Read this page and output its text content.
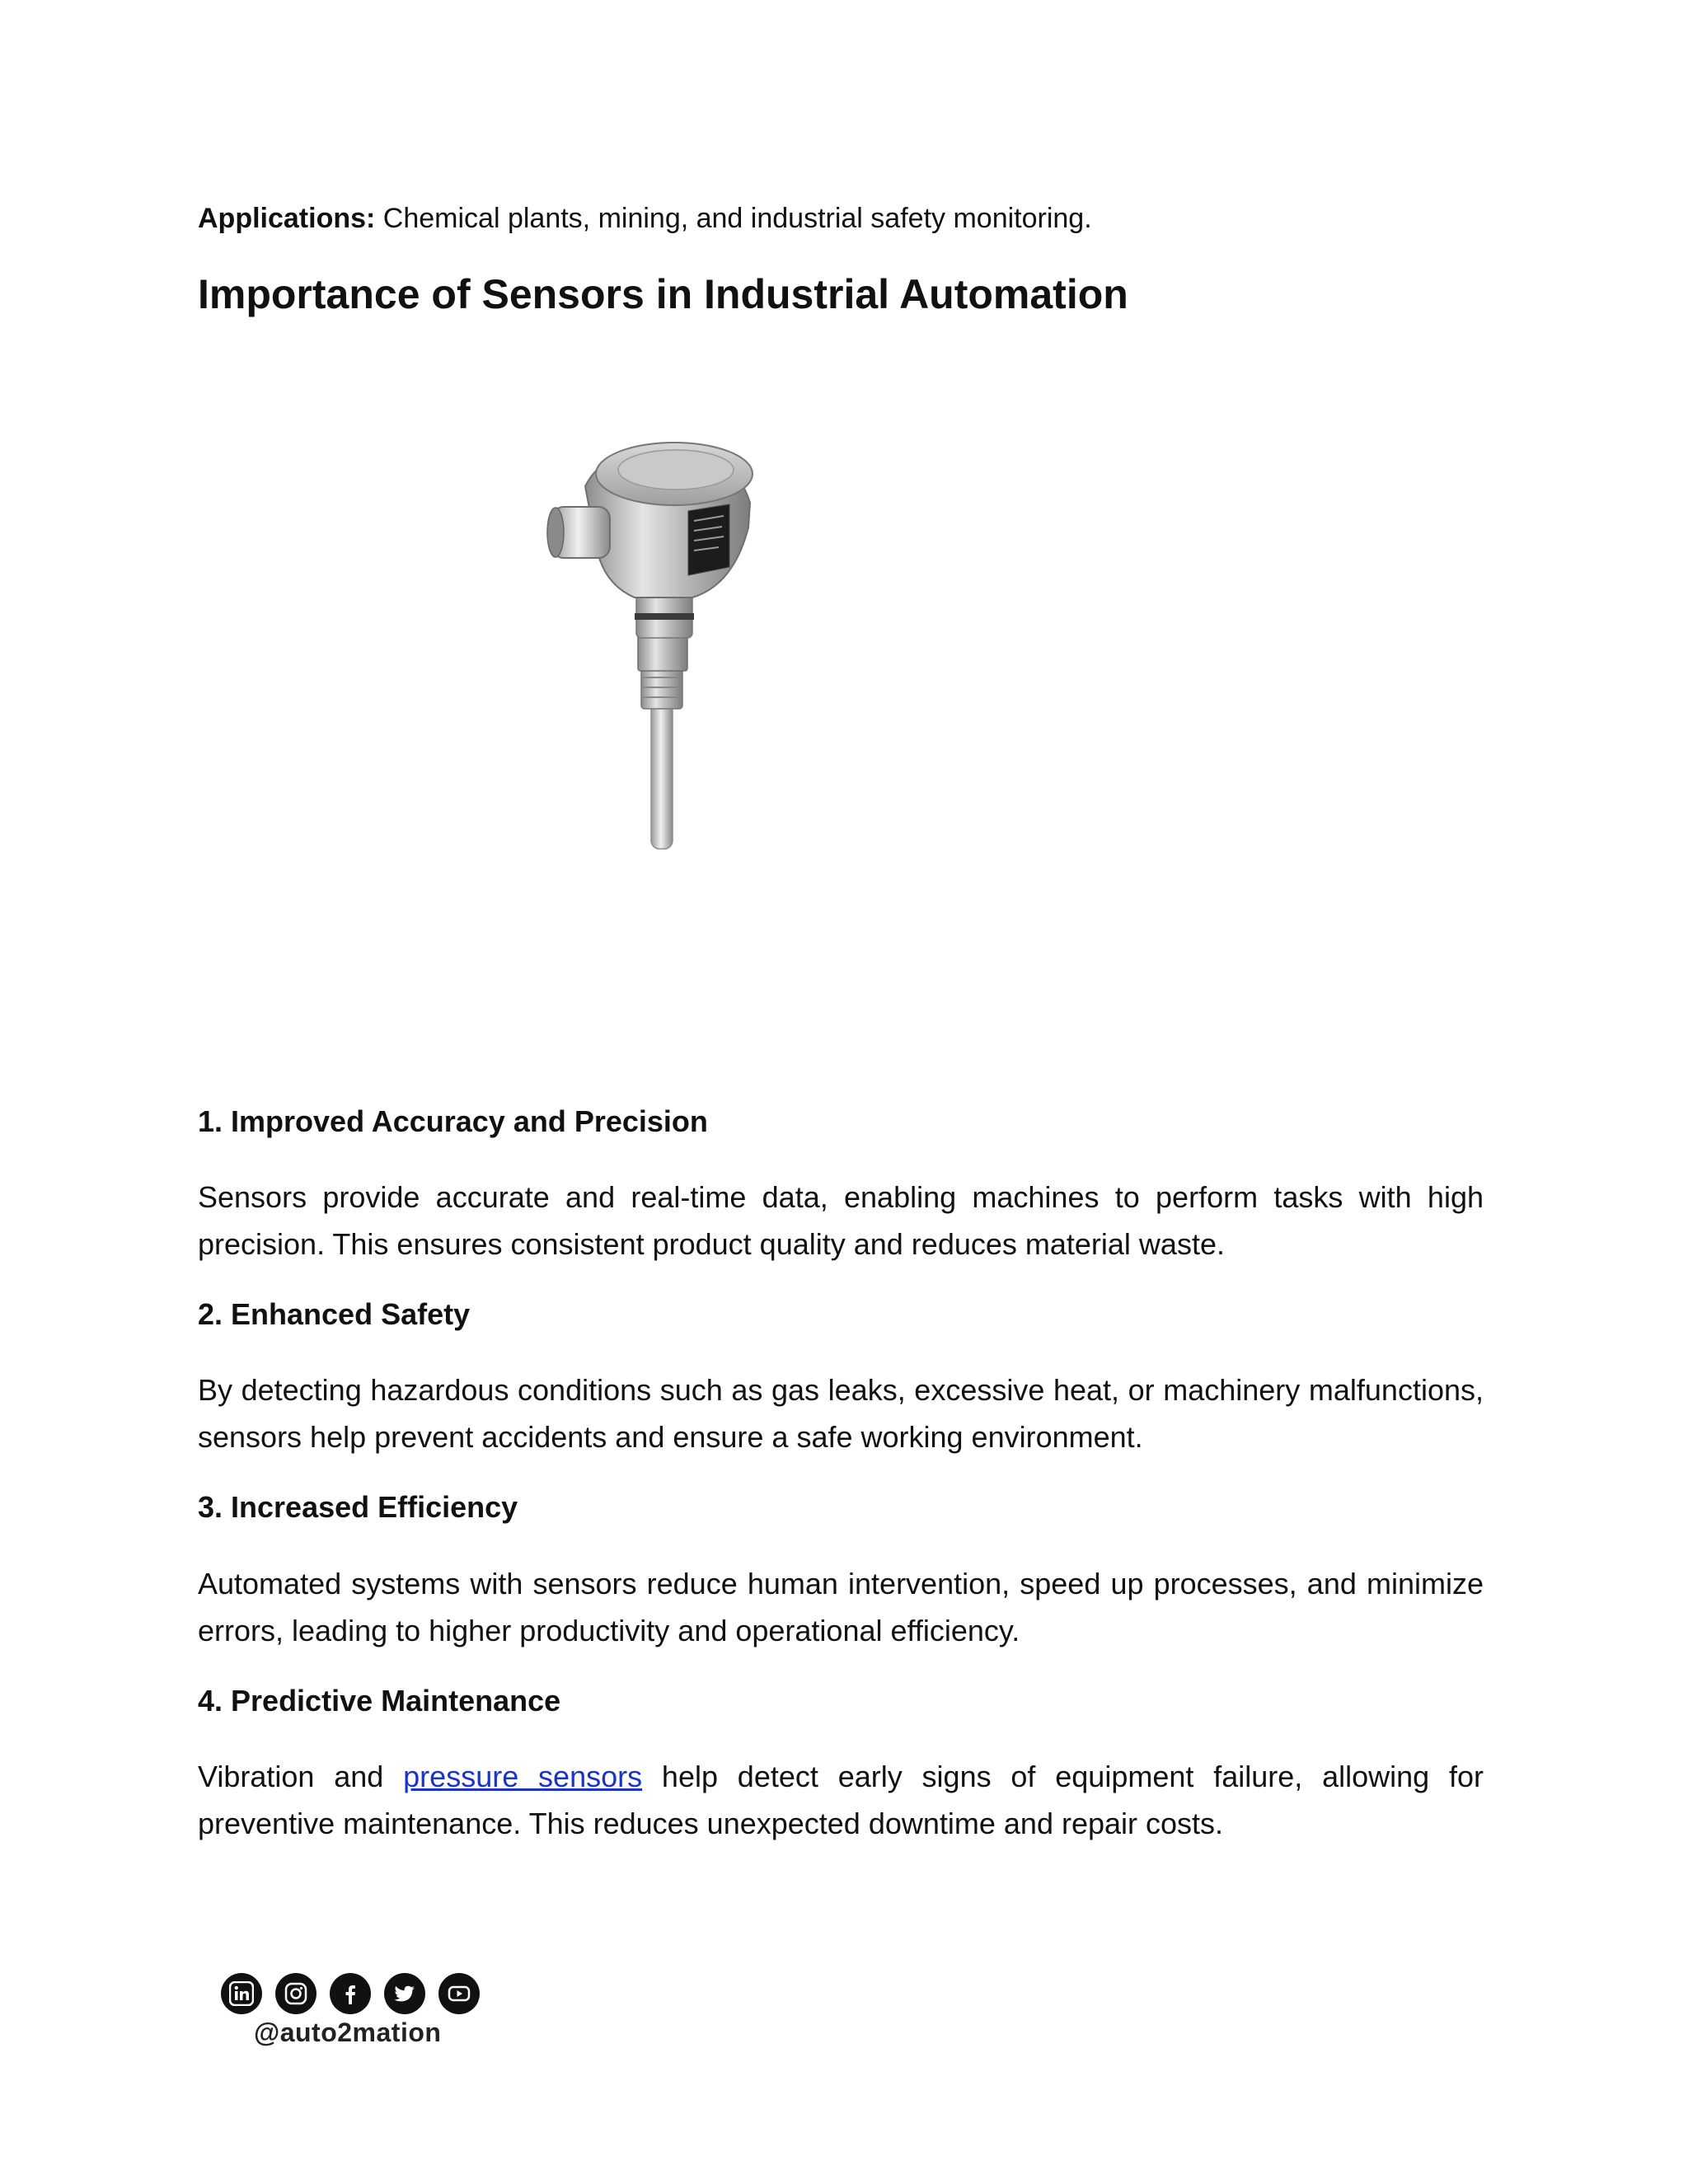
Applications: Chemical plants, mining, and industrial safety monitoring.
Importance of Sensors in Industrial Automation
1. Improved Accuracy and Precision

Sensors provide accurate and real-time data, enabling machines to perform tasks with high precision. This ensures consistent product quality and reduces material waste.

2. Enhanced Safety

By detecting hazardous conditions such as gas leaks, excessive heat, or machinery malfunctions, sensors help prevent accidents and ensure a safe working environment.

3. Increased Efficiency

Automated systems with sensors reduce human intervention, speed up processes, and minimize errors, leading to higher productivity and operational efficiency.

4. Predictive Maintenance

Vibration and pressure sensors help detect early signs of equipment failure, allowing for preventive maintenance. This reduces unexpected downtime and repair costs.

@auto2mation
